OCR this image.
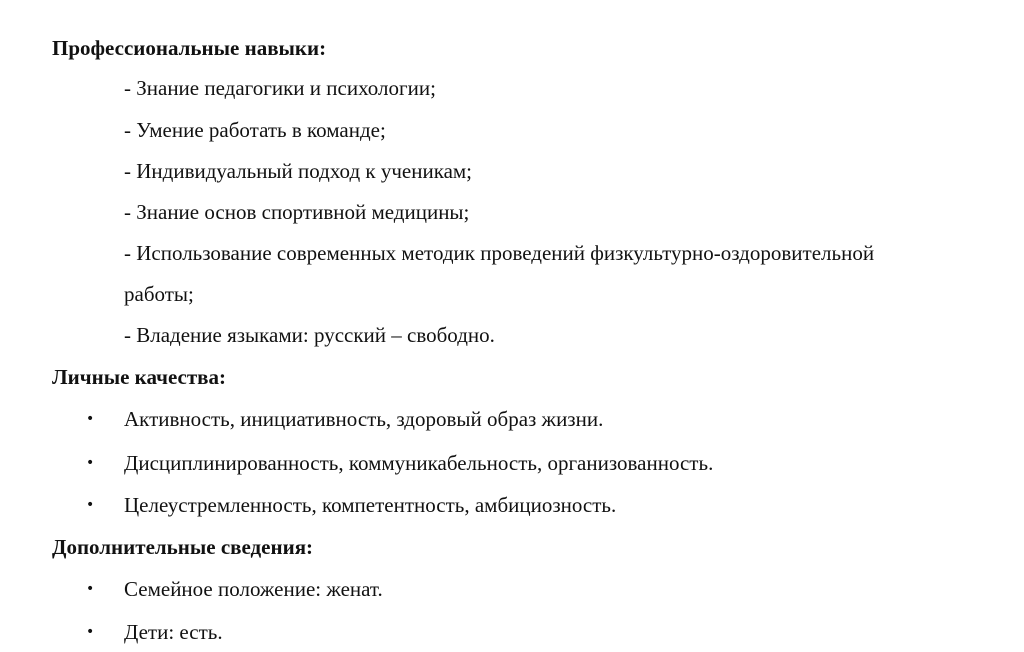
Профессиональные навыки:
- Знание педагогики и психологии;
- Умение работать в команде;
- Индивидуальный подход к ученикам;
- Знание основ спортивной медицины;
- Использование современных методик проведений физкультурно-оздоровительной
работы;
- Владение языками: русский – свободно.
Личные качества:
•	Активность, инициативность, здоровый образ жизни.
•	Дисциплинированность, коммуникабельность, организованность.
•	Целеустремленность, компетентность, амбициозность.
Дополнительные сведения:
•	Семейное положение: женат.
•	Дети: есть.
